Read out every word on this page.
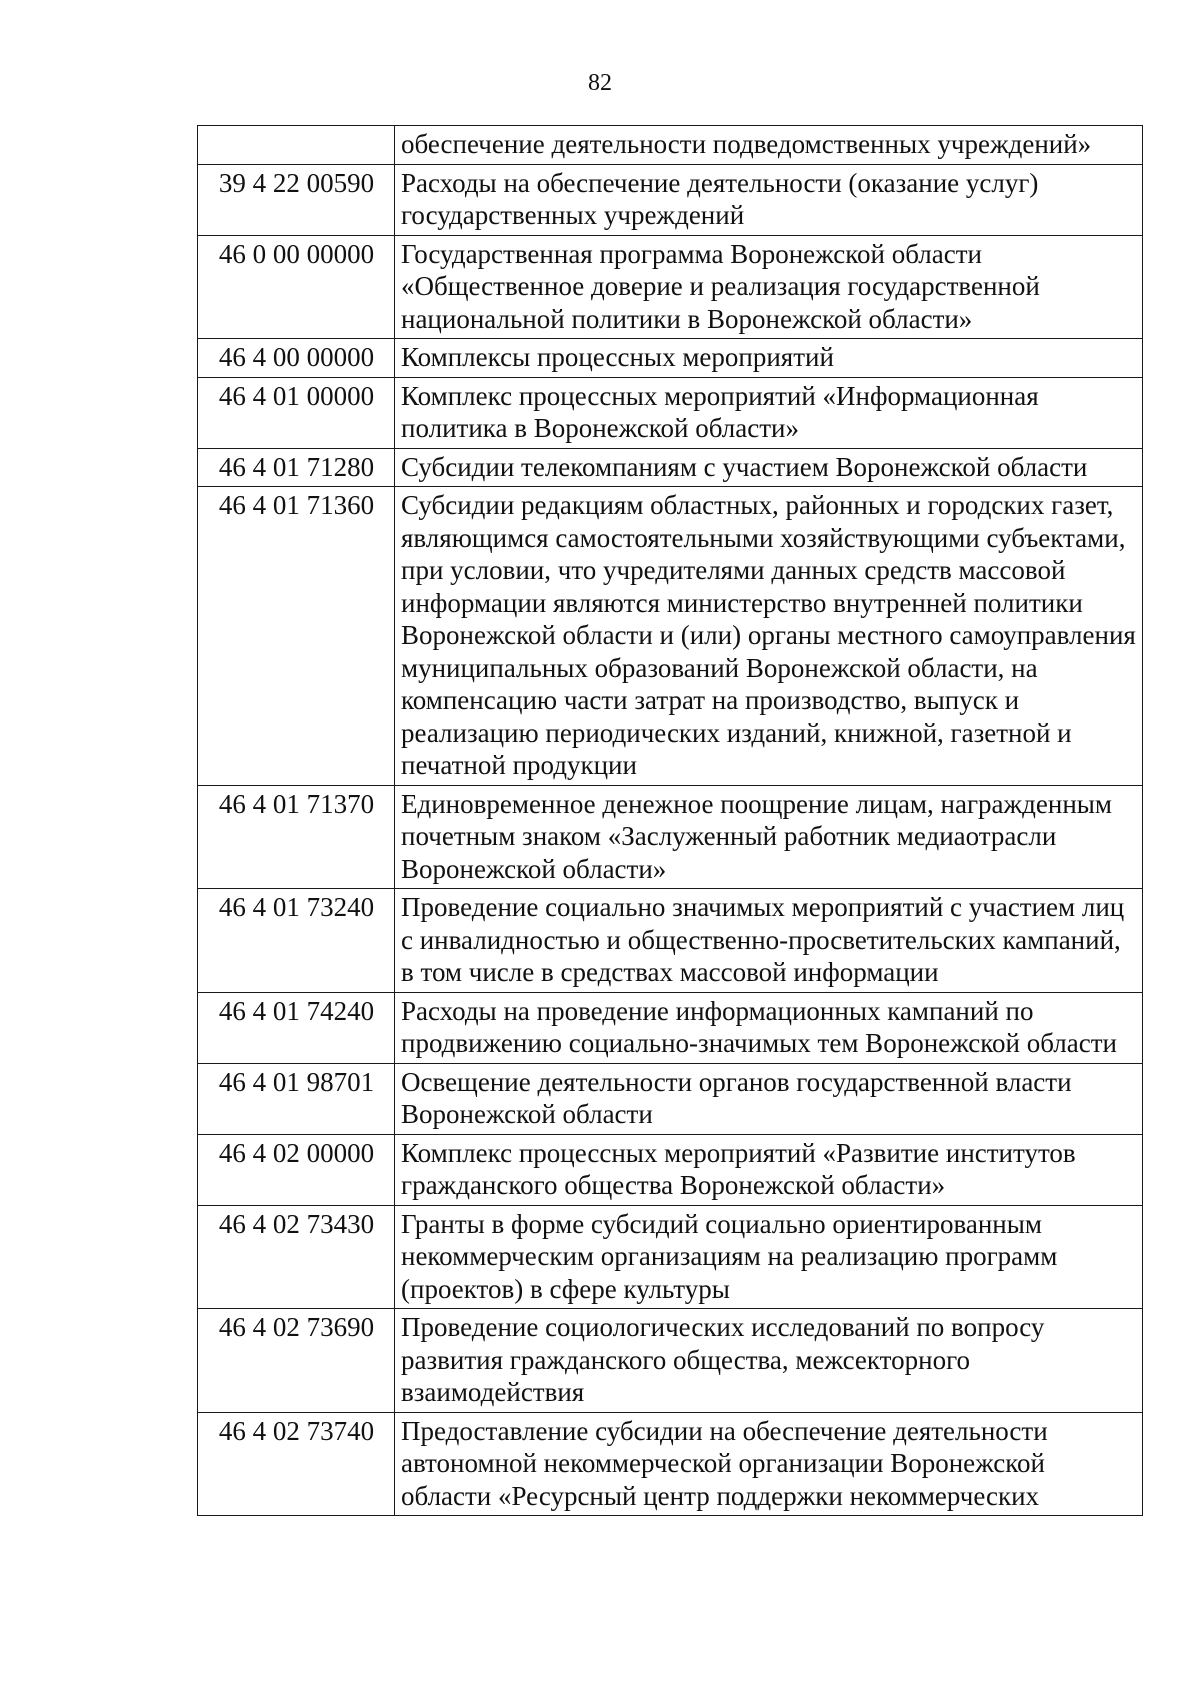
82
	обеспечение деятельности подведомственных учреждений»
39 4 22 00590	Расходы на обеспечение деятельности (оказание услуг) государственных учреждений
46 0 00 00000	Государственная программа Воронежской области «Общественное доверие и реализация государственной национальной политики в Воронежской области»
46 4 00 00000	Комплексы процессных мероприятий
46 4 01 00000	Комплекс процессных мероприятий «Информационная политика в Воронежской области»
46 4 01 71280	Субсидии телекомпаниям с участием Воронежской области
46 4 01 71360	Субсидии редакциям областных, районных и городских газет, являющимся самостоятельными хозяйствующими субъектами, при условии, что учредителями данных средств массовой информации являются министерство внутренней политики Воронежской области и (или) органы местного самоуправления муниципальных образований Воронежской области, на компенсацию части затрат на производство, выпуск и реализацию периодических изданий, книжной, газетной и печатной продукции
46 4 01 71370	Единовременное денежное поощрение лицам, награжденным почетным знаком «Заслуженный работник медиаотрасли Воронежской области»
46 4 01 73240	Проведение социально значимых мероприятий с участием лиц с инвалидностью и общественно-просветительских кампаний, в том числе в средствах массовой информации
46 4 01 74240	Расходы на проведение информационных кампаний по продвижению социально-значимых тем Воронежской области
46 4 01 98701	Освещение деятельности органов государственной власти Воронежской области
46 4 02 00000	Комплекс процессных мероприятий «Развитие институтов гражданского общества Воронежской области»
46 4 02 73430	Гранты в форме субсидий социально ориентированным некоммерческим организациям на реализацию программ (проектов) в сфере культуры
46 4 02 73690	Проведение социологических исследований по вопросу развития гражданского общества, межсекторного взаимодействия
46 4 02 73740	Предоставление субсидии на обеспечение деятельности автономной некоммерческой организации Воронежской области «Ресурсный центр поддержки некоммерческих
